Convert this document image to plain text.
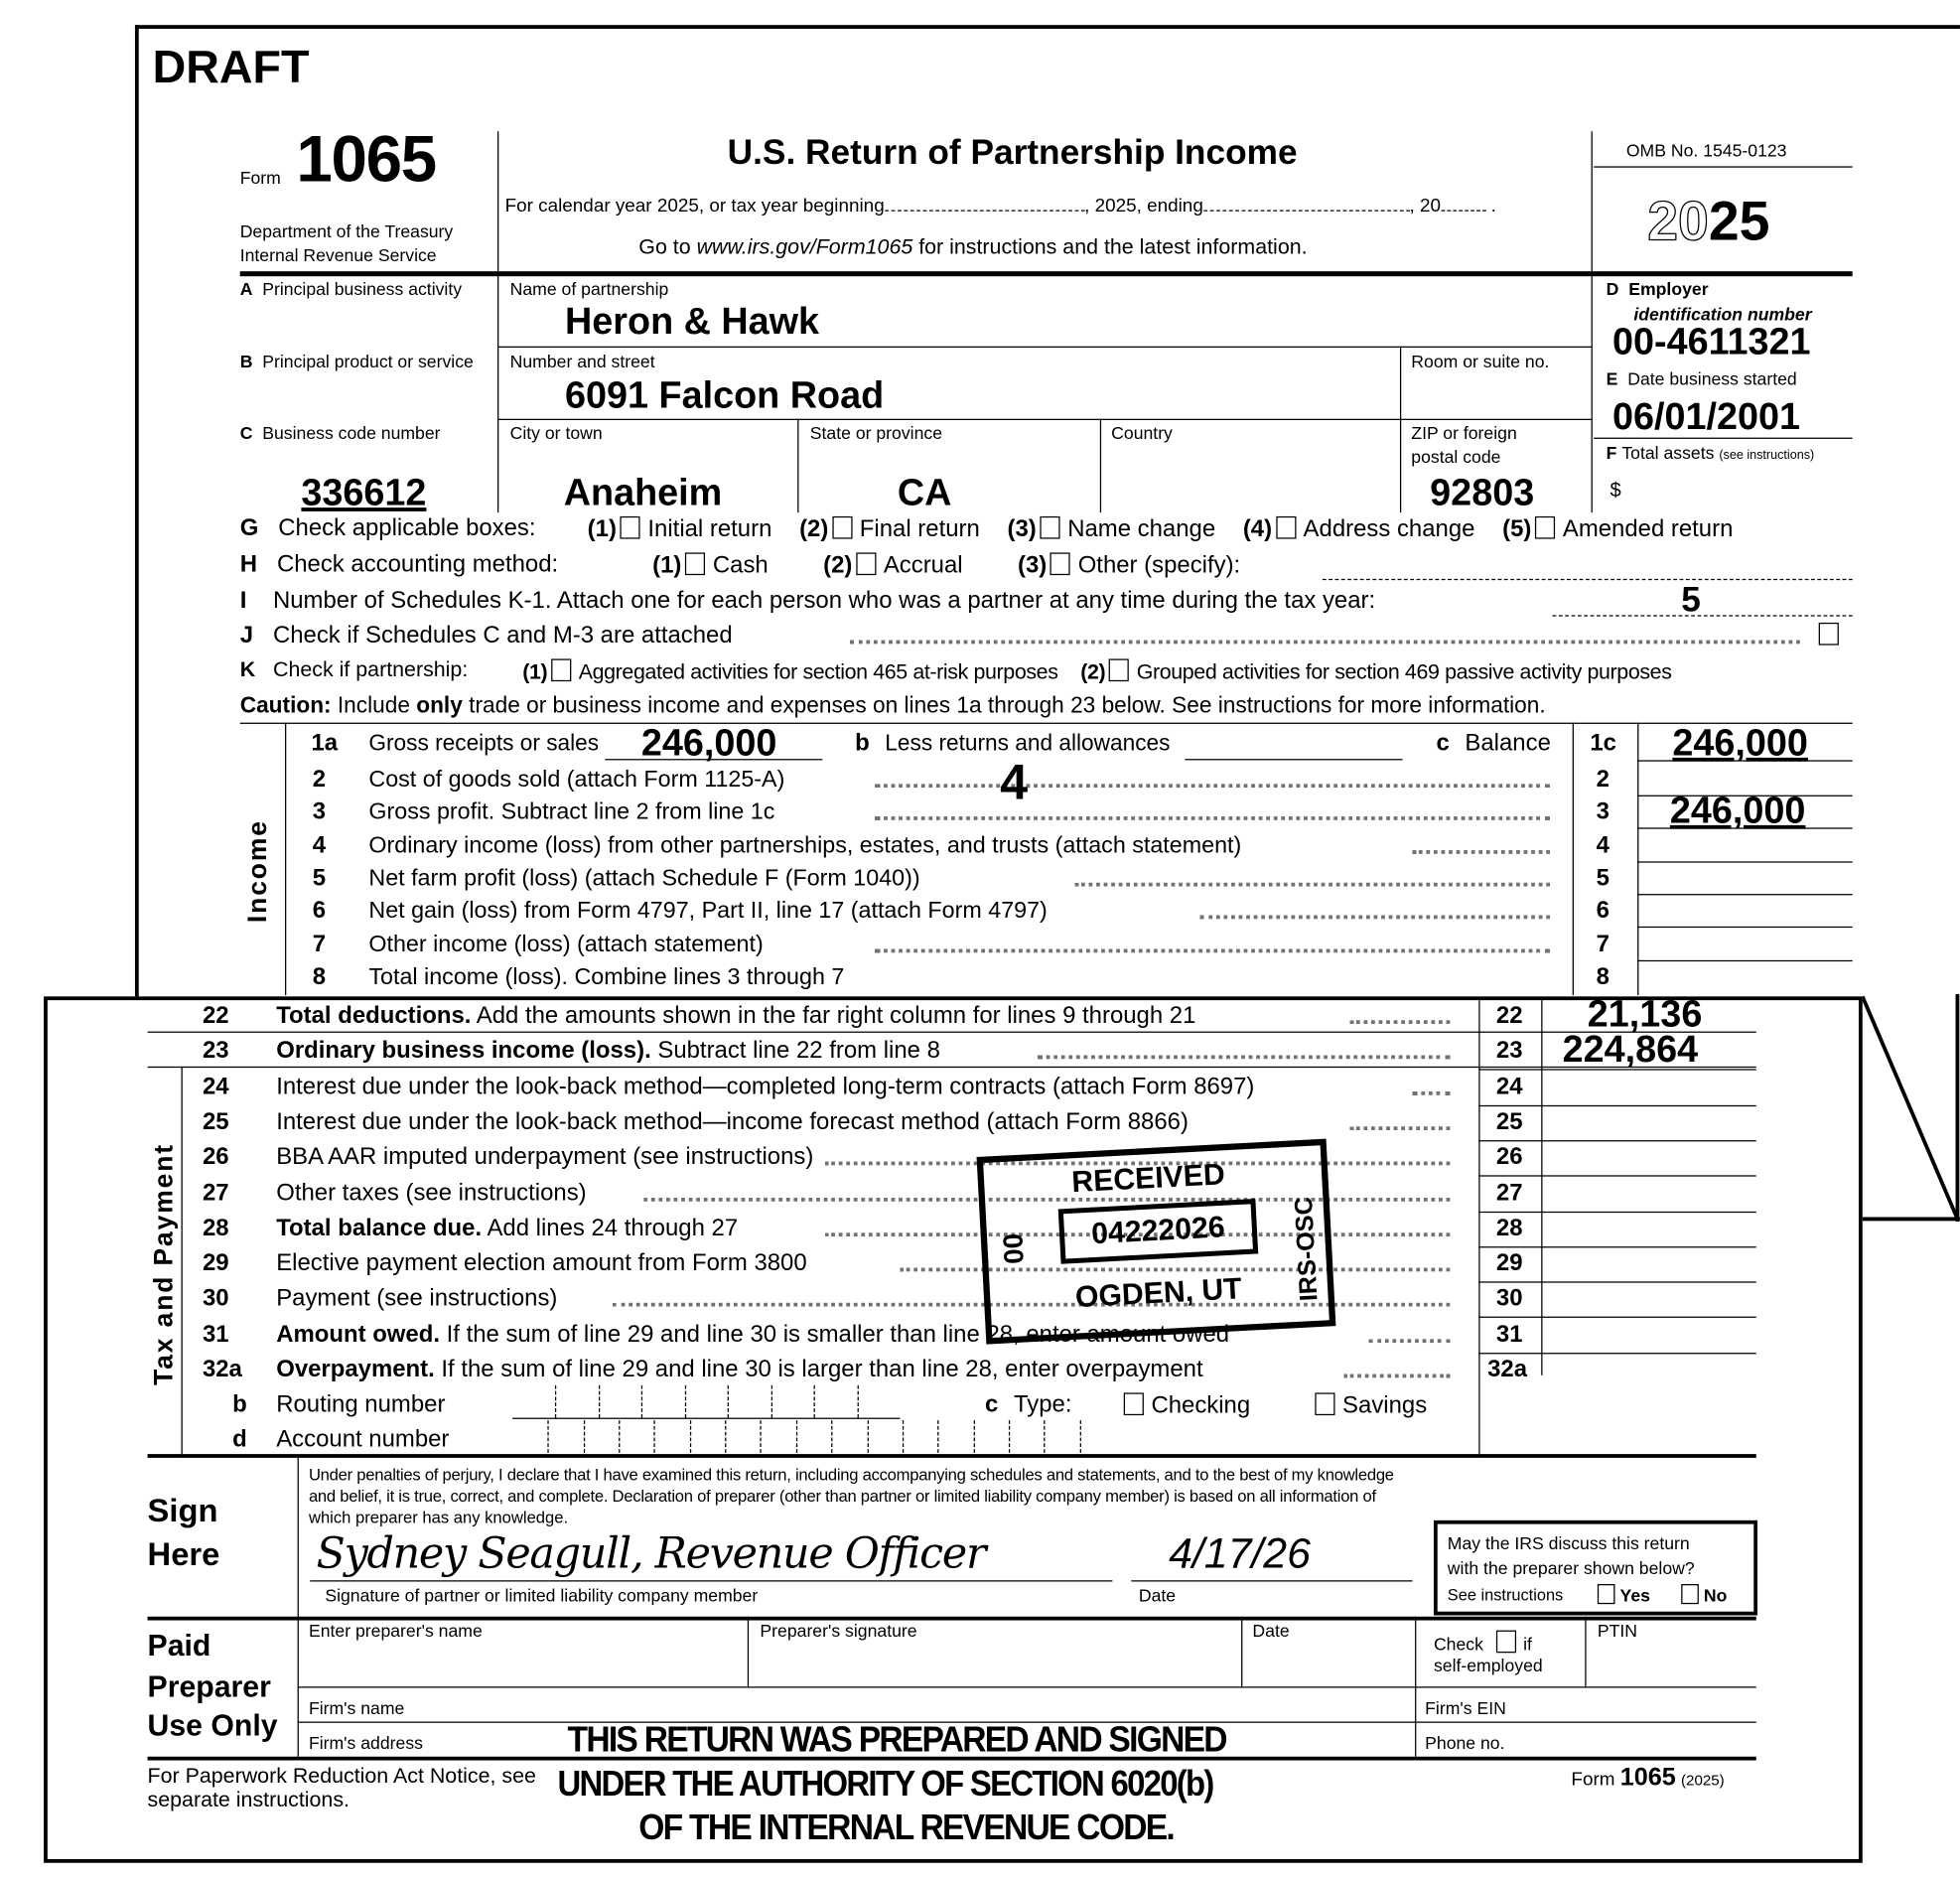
DRAFT
Form 1065
Department of the Treasury
Internal Revenue Service
U.S. Return of Partnership Income
For calendar year 2025, or tax year beginning	, 2025, ending	, 20	.
Go to www.irs.gov/Form1065 for instructions and the latest information.
OMB No. 1545-0123
2025
A Principal business activity
B Principal product or service
C Business code number
336612
Name of partnership
Heron & Hawk
Number and street
6091 Falcon Road
Room or suite no.
City or town
Anaheim
State or province
CA
Country	ZIP or foreign
postal code
92803
D Employer
identification number
00-4611321
E Date business started
06/01/2001
F Total assets (see instructions)
$
G Check applicable boxes:	(1) Initial return (2) Final return (3) Name change (4) Address change (5) Amended return
H Check accounting method:	(1) Cash	(2) Accrual	(3) Other (specify):
I Number of Schedules K-1. Attach one for each person who was a partner at any time during the tax year:	5
J Check if Schedules C and M-3 are attached
K Check if partnership:	(1) Aggregated activities for section 465 at-risk purposes (2) Grouped activities for section 469 passive activity purposes
Caution: Include only trade or business income and expenses on lines 1a through 23 below. See instructions for more information.
Income
1a Gross receipts or sales 246,000	b Less returns and allowances	c Balance 1c 246,000
4
2 Cost of goods sold (attach Form 1125-A)	2
3 Gross profit. Subtract line 2 from line 1c	3 246,000
4 Ordinary income (loss) from other partnerships, estates, and trusts (attach statement)	4
5 Net farm profit (loss) (attach Schedule F (Form 1040))	5
6 Net gain (loss) from Form 4797, Part II, line 17 (attach Form 4797)	6
7 Other income (loss) (attach statement)	7
8 Total income (loss). Combine lines 3 through 7	8
22	Total deductions. Add the amounts shown in the far right column for lines 9 through 21	22 21,136
23	Ordinary business income (loss). Subtract line 22 from line 8	23 224,864
24	Interest due under the look-back method—completed long-term contracts (attach Form 8697)	24
25	Interest due under the look-back method—income forecast method (attach Form 8866)	25
26	BBA AAR imputed underpayment (see instructions)	26
27	Other taxes (see instructions)	27
28	Total balance due. Add lines 24 through 27	28
29	Elective payment election amount from Form 3800	29
30	Payment (see instructions)	30
31	Amount owed. If the sum of line 29 and line 30 is smaller than line 28, enter amount owed	31
32a Overpayment. If the sum of line 29 and line 30 is larger than line 28, enter overpayment	32a
Tax and Payment
b Routing number	c Type:	Checking	Savings
d Account number
RECEIVED
04222026
00	IRS-OSC
OGDEN, UT
Sign
Here
Under penalties of perjury, I declare that I have examined this return, including accompanying schedules and statements, and to the best of my knowledge
and belief, it is true, correct, and complete. Declaration of preparer (other than partner or limited liability company member) is based on all information of
which preparer has any knowledge.
Sydney Seagull, Revenue Officer
Signature of partner or limited liability company member
4/17/26
Date
May the IRS discuss this return
with the preparer shown below?
See instructions	Yes	No
Paid
Preparer
Use Only
Enter preparer's name	Preparer's signature	Date
Check	if
self-employed
PTIN
Firm's name	Firm's EIN
Firm's address	Phone no.
For Paperwork Reduction Act Notice, see separate instructions.
Form 1065 (2025)
THIS RETURN WAS PREPARED AND SIGNED
UNDER THE AUTHORITY OF SECTION 6020(b)
OF THE INTERNAL REVENUE CODE.
